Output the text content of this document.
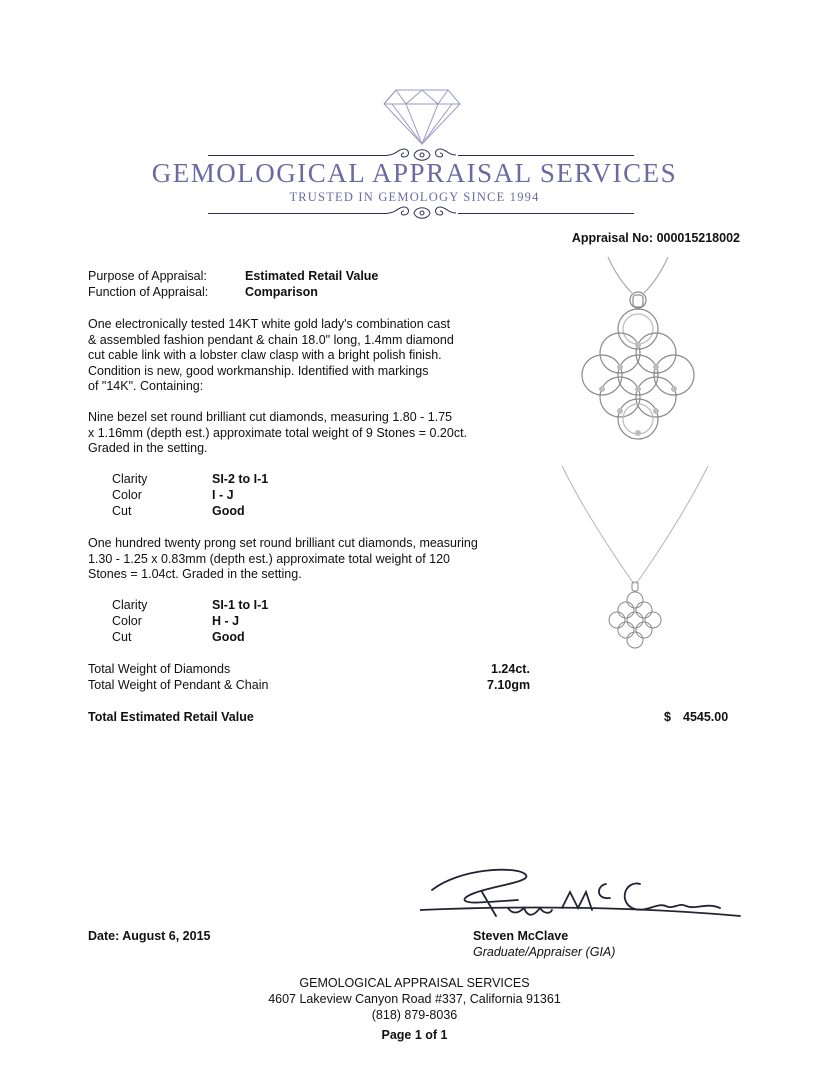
GEMOLOGICAL APPRAISAL SERVICES
TRUSTED IN GEMOLOGY SINCE 1994
Appraisal No: 000015218002
Purpose of Appraisal:	Estimated Retail Value
Function of Appraisal:	Comparison
One electronically tested 14KT white gold lady's combination cast
& assembled fashion pendant & chain 18.0" long, 1.4mm diamond
cut cable link with a lobster claw clasp with a bright polish finish.
Condition is new, good workmanship. Identified with markings
of "14K". Containing:
Nine bezel set round brilliant cut diamonds, measuring 1.80 - 1.75
x 1.16mm (depth est.) approximate total weight of 9 Stones = 0.20ct.
Graded in the setting.
Clarity	SI-2 to I-1
Color	I - J
Cut	Good
One hundred twenty prong set round brilliant cut diamonds, measuring
1.30 - 1.25 x 0.83mm (depth est.) approximate total weight of 120
Stones = 1.04ct. Graded in the setting.
Clarity	SI-1 to I-1
Color	H - J
Cut	Good
Total Weight of Diamonds	1.24ct.
Total Weight of Pendant & Chain	7.10gm
Total Estimated Retail Value	$ 4545.00
Date: August 6, 2015	Steven McClave
Graduate/Appraiser (GIA)
GEMOLOGICAL APPRAISAL SERVICES
4607 Lakeview Canyon Road #337, California 91361
(818) 879-8036
Page 1 of 1
